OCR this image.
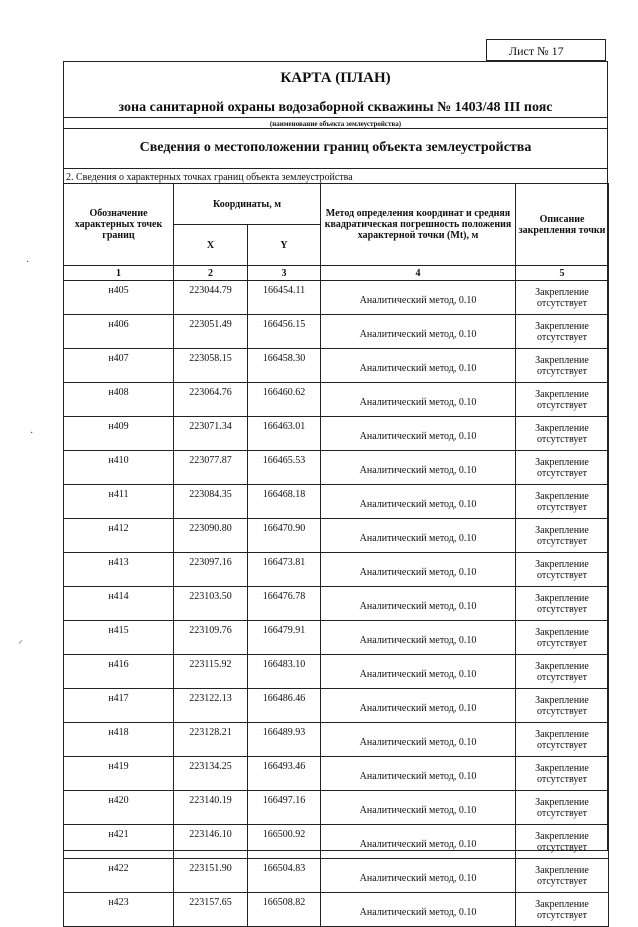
Лист № 17
КАРТА (ПЛАН)
зона санитарной охраны водозаборной скважины № 1403/48 III пояс
(наименование объекта землеустройства)
Сведения о местоположении границ объекта землеустройства
2. Сведения о характерных точках границ объекта землеустройства
Обозначение характерных точек границ	Координаты, м		Метод определения координат и средняя квадратическая погрешность положения характерной точки (Mt), м	Описание закрепления точки
	X	Y		
1	2	3	4	5
н405	223044.79	166454.11	Аналитический метод, 0.10	Закрепление отсутствует
н406	223051.49	166456.15	Аналитический метод, 0.10	Закрепление отсутствует
н407	223058.15	166458.30	Аналитический метод, 0.10	Закрепление отсутствует
н408	223064.76	166460.62	Аналитический метод, 0.10	Закрепление отсутствует
н409	223071.34	166463.01	Аналитический метод, 0.10	Закрепление отсутствует
н410	223077.87	166465.53	Аналитический метод, 0.10	Закрепление отсутствует
н411	223084.35	166468.18	Аналитический метод, 0.10	Закрепление отсутствует
н412	223090.80	166470.90	Аналитический метод, 0.10	Закрепление отсутствует
н413	223097.16	166473.81	Аналитический метод, 0.10	Закрепление отсутствует
н414	223103.50	166476.78	Аналитический метод, 0.10	Закрепление отсутствует
н415	223109.76	166479.91	Аналитический метод, 0.10	Закрепление отсутствует
н416	223115.92	166483.10	Аналитический метод, 0.10	Закрепление отсутствует
н417	223122.13	166486.46	Аналитический метод, 0.10	Закрепление отсутствует
н418	223128.21	166489.93	Аналитический метод, 0.10	Закрепление отсутствует
н419	223134.25	166493.46	Аналитический метод, 0.10	Закрепление отсутствует
н420	223140.19	166497.16	Аналитический метод, 0.10	Закрепление отсутствует
н421	223146.10	166500.92	Аналитический метод, 0.10	Закрепление отсутствует
н422	223151.90	166504.83	Аналитический метод, 0.10	Закрепление отсутствует
н423	223157.65	166508.82	Аналитический метод, 0.10	Закрепление отсутствует
·
·
⸝
